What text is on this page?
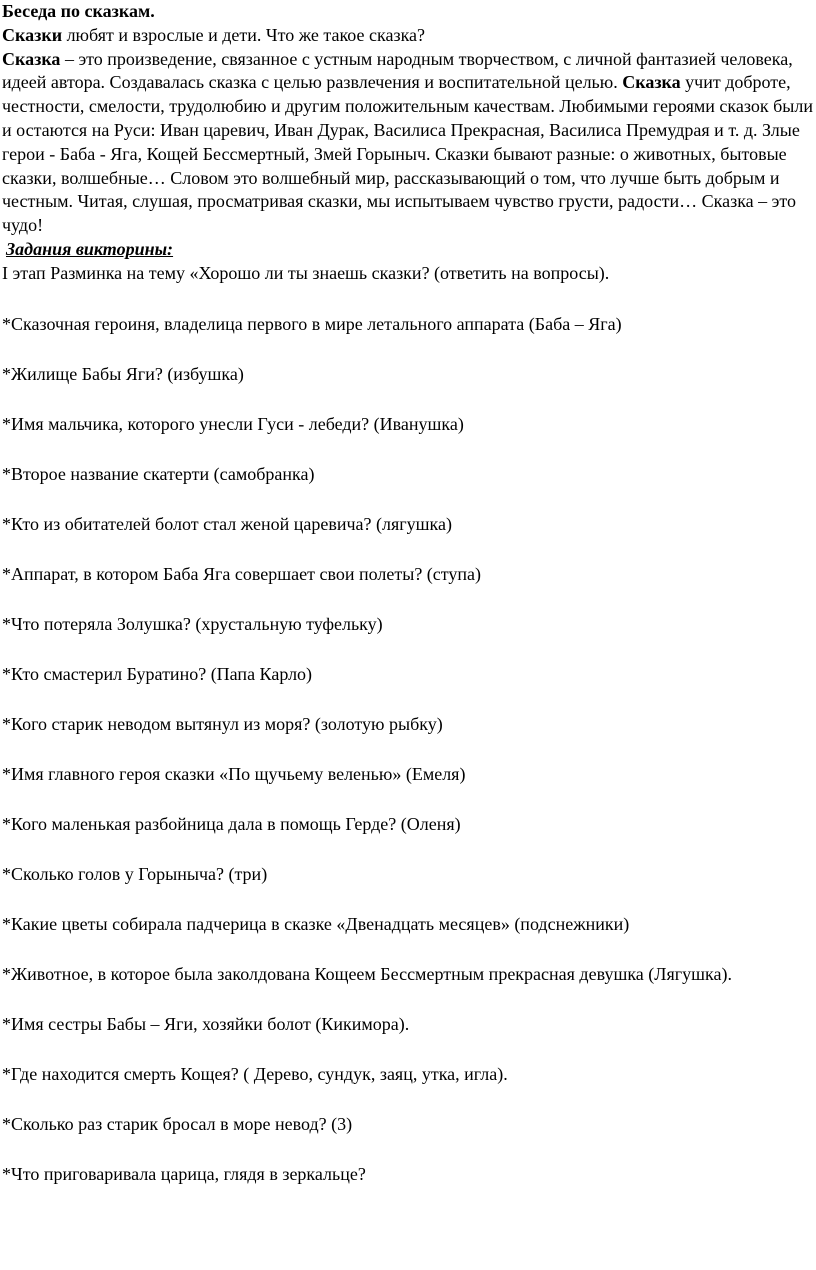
Беседа по сказкам.

Сказки любят и взрослые и дети. Что же такое сказка?

Сказка – это произведение, связанное с устным народным творчеством, с личной фантазией человека, идеей автора. Создавалась сказка с целью развлечения и воспитательной целью. Сказка учит доброте, честности, смелости, трудолюбию и другим положительным качествам. Любимыми героями сказок были и остаются на Руси: Иван царевич, Иван Дурак, Василиса Прекрасная, Василиса Премудрая и т. д. Злые герои - Баба - Яга, Кощей Бессмертный, Змей Горыныч. Сказки бывают разные: о животных, бытовые сказки, волшебные… Словом это волшебный мир, рассказывающий о том, что лучше быть добрым и честным. Читая, слушая, просматривая сказки, мы испытываем чувство грусти, радости… Сказка – это чудо!

Задания викторины:

I этап Разминка на тему «Хорошо ли ты знаешь сказки? (ответить на вопросы).

*Сказочная героиня, владелица первого в мире летального аппарата (Баба – Яга)

*Жилище Бабы Яги? (избушка)

*Имя мальчика, которого унесли Гуси - лебеди? (Иванушка)

*Второе название скатерти (самобранка)

*Кто из обитателей болот стал женой царевича? (лягушка)

*Аппарат, в котором Баба Яга совершает свои полеты? (ступа)

*Что потеряла Золушка? (хрустальную туфельку)

*Кто смастерил Буратино? (Папа Карло)

*Кого старик неводом вытянул из моря? (золотую рыбку)

*Имя главного героя сказки «По щучьему веленью» (Емеля)

*Кого маленькая разбойница дала в помощь Герде? (Оленя)

*Сколько голов у Горыныча? (три)

*Какие цветы собирала падчерица в сказке «Двенадцать месяцев» (подснежники)

*Животное, в которое была заколдована Кощеем Бессмертным прекрасная девушка (Лягушка).

*Имя сестры Бабы – Яги, хозяйки болот (Кикимора).

*Где находится смерть Кощея? ( Дерево, сундук, заяц, утка, игла).

*Сколько раз старик бросал в море невод? (3)

*Что приговаривала царица, глядя в зеркальце?
